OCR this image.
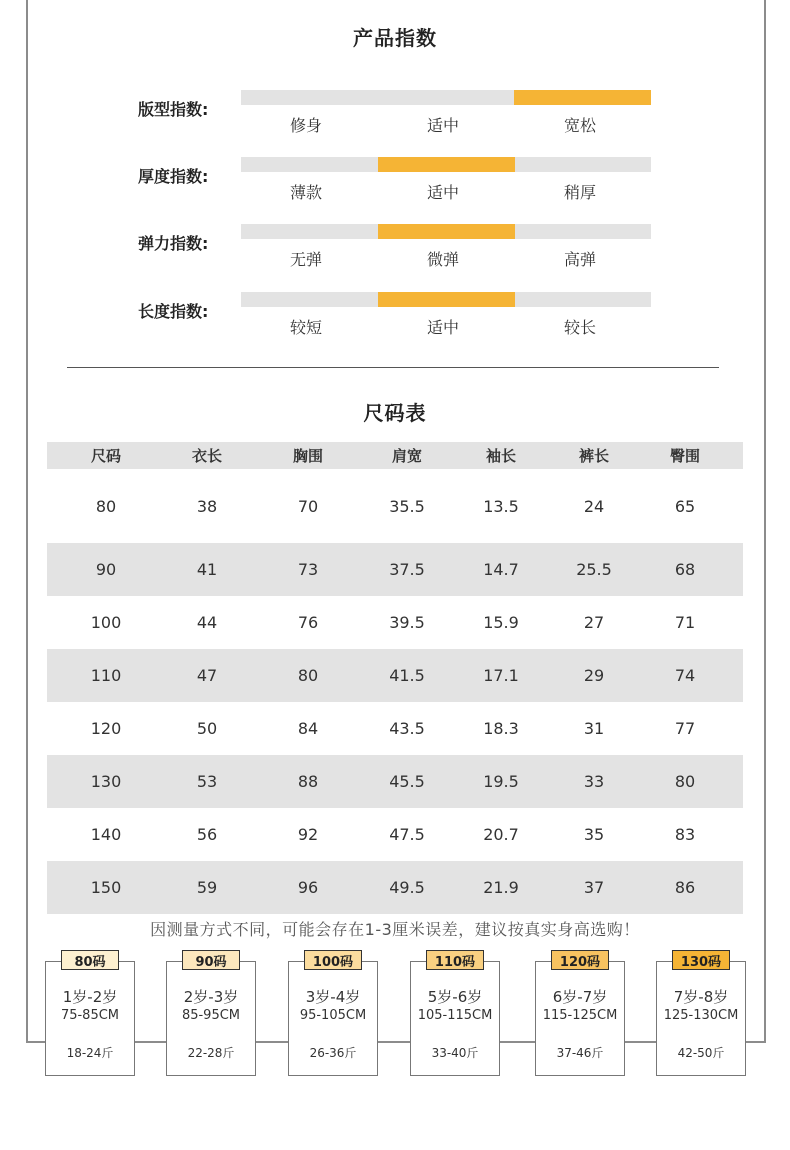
产品指数
版型指数:
修身	适中	宽松
厚度指数:
薄款	适中	稍厚
弹力指数:
无弹	微弹	高弹
长度指数:
较短	适中	较长
尺码表
尺码	衣长	胸围	肩宽	袖长	裤长	臀围
80	38	70	35.5	13.5	24	65
90	41	73	37.5	14.7	25.5	68
100	44	76	39.5	15.9	27	71
110	47	80	41.5	17.1	29	74
120	50	84	43.5	18.3	31	77
130	53	88	45.5	19.5	33	80
140	56	92	47.5	20.7	35	83
150	59	96	49.5	21.9	37	86
因测量方式不同，可能会存在1-3厘米误差，建议按真实身高选购！
80码
1岁-2岁
75-85CM
18-24斤
90码
2岁-3岁
85-95CM
22-28斤
100码
3岁-4岁
95-105CM
26-36斤
110码
5岁-6岁
105-115CM
33-40斤
120码
6岁-7岁
115-125CM
37-46斤
130码
7岁-8岁
125-130CM
42-50斤
